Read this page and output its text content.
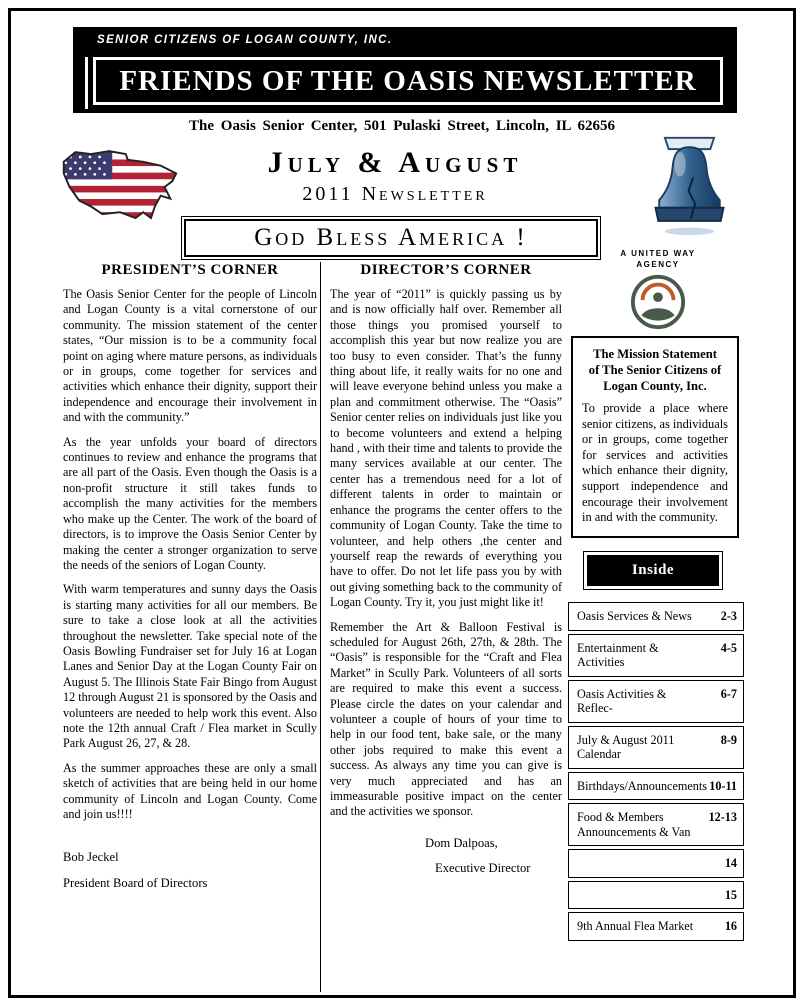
SENIOR CITIZENS OF LOGAN COUNTY, INC.
FRIENDS OF THE OASIS NEWSLETTER
The Oasis Senior Center, 501 Pulaski Street, Lincoln, IL 62656
July & August
2011 Newsletter
God Bless America !
A UNITED WAY
AGENCY
PRESIDENT’S CORNER

The Oasis Senior Center for the people of Lincoln and Logan County is a vital cornerstone of our community. The mission statement of the center states, “Our mission is to be a community focal point on aging where mature persons, as individuals or in groups, come together for services and activities which enhance their dignity, support their independence and encourage their involvement in and with the community.”

As the year unfolds your board of directors continues to review and enhance the programs that are all part of the Oasis. Even though the Oasis is a non-profit structure it still takes funds to accomplish the many activities for the members who make up the Center. The work of the board of directors, is to improve the Oasis Senior Center by making the center a stronger organization to serve the needs of the seniors of Logan County.

With warm temperatures and sunny days the Oasis is starting many activities for all our members. Be sure to take a close look at all the activities throughout the newsletter. Take special note of the Oasis Bowling Fundraiser set for July 16 at Logan Lanes and Senior Day at the Logan County Fair on August 5. The Illinois State Fair Bingo from August 12 through August 21 is sponsored by the Oasis and volunteers are needed to help work this event. Also note the 12th annual Craft / Flea market in Scully Park August 26, 27, & 28.

As the summer approaches these are only a small sketch of activities that are being held in our home community of Lincoln and Logan County. Come and join us!!!!

Bob Jeckel
President Board of Directors
DIRECTOR’S CORNER

The year of “2011” is quickly passing us by and is now officially half over. Remember all those things you promised yourself to accomplish this year but now realize you are too busy to even consider. That’s the funny thing about life, it really waits for no one and will leave everyone behind unless you make a plan and commitment otherwise. The “Oasis” Senior center relies on individuals just like you to become volunteers and extend a helping hand , with their time and talents to provide the many services available at our center. The center has a tremendous need for a lot of different talents in order to maintain or enhance the programs the center offers to the community of Logan County. Take the time to volunteer, and help others ,the center and yourself reap the rewards of everything you have to offer. Do not let life pass you by with out giving something back to the community of Logan County. Try it, you just might like it!

Remember the Art & Balloon Festival is scheduled for August 26th, 27th, & 28th. The “Oasis” is responsible for the “Craft and Flea Market” in Scully Park. Volunteers of all sorts are required to make this event a success. Please circle the dates on your calendar and volunteer a couple of hours of your time to help in our food tent, bake sale, or the many other jobs required to make this event a success. As always any time you can give is very much appreciated and has an immeasurable positive impact on the center and the activities we sponsor.

Dom Dalpoas,
Executive Director
The Mission Statement
of The Senior Citizens of
Logan County, Inc.
To provide a place where senior citizens, as individuals or in groups, come together for services and activities which enhance their dignity, support independence and encourage their involvement in and with the community.
Inside
Oasis Services & News	2-3
Entertainment & Activities
4-5
Oasis Activities & Reflec-
6-7
July & August 2011 Calendar
8-9
Birthdays/Announcements 10-11
Food & Members Announcements & Van
12-13
14
15
9th Annual Flea Market	16
